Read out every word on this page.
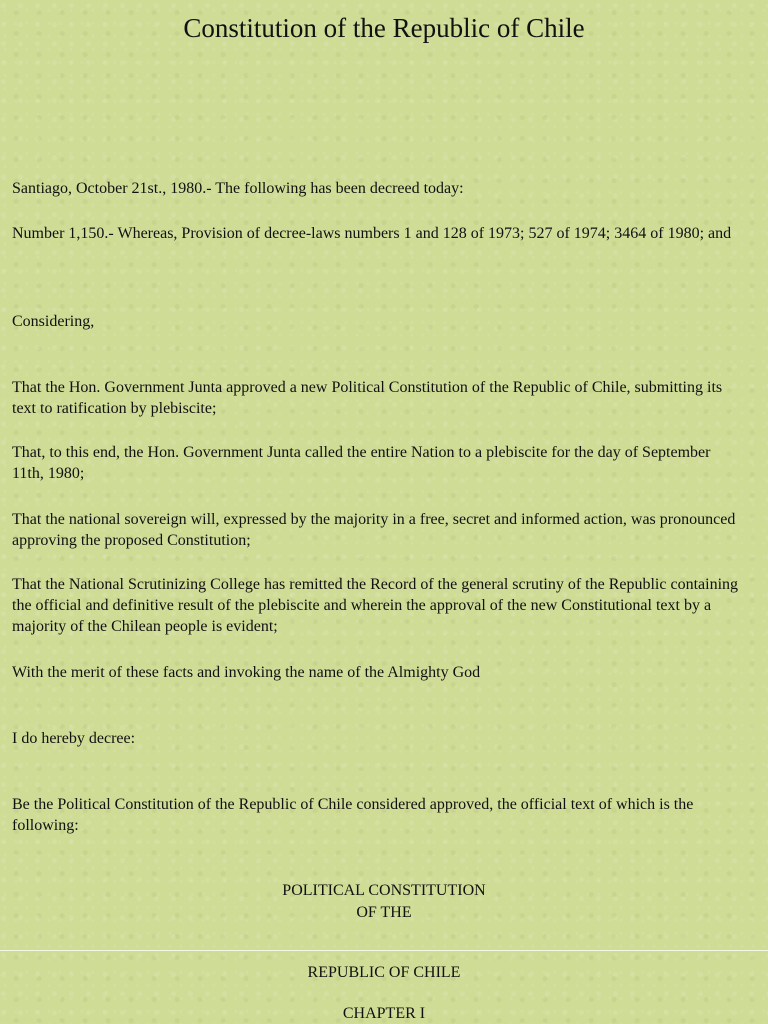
Constitution of the Republic of Chile

Santiago, October 21st., 1980.- The following has been decreed today:

Number 1,150.- Whereas, Provision of decree-laws numbers 1 and 128 of 1973; 527 of 1974; 3464 of 1980; and

Considering,

That the Hon. Government Junta approved a new Political Constitution of the Republic of Chile, submitting its text to ratification by plebiscite;

That, to this end, the Hon. Government Junta called the entire Nation to a plebiscite for the day of September 11th, 1980;

That the national sovereign will, expressed by the majority in a free, secret and informed action, was pronounced approving the proposed Constitution;

That the National Scrutinizing College has remitted the Record of the general scrutiny of the Republic containing the official and definitive result of the plebiscite and wherein the approval of the new Constitutional text by a majority of the Chilean people is evident;

With the merit of these facts and invoking the name of the Almighty God

I do hereby decree:

Be the Political Constitution of the Republic of Chile considered approved, the official text of which is the following:

POLITICAL CONSTITUTION

OF THE

REPUBLIC OF CHILE

CHAPTER I
